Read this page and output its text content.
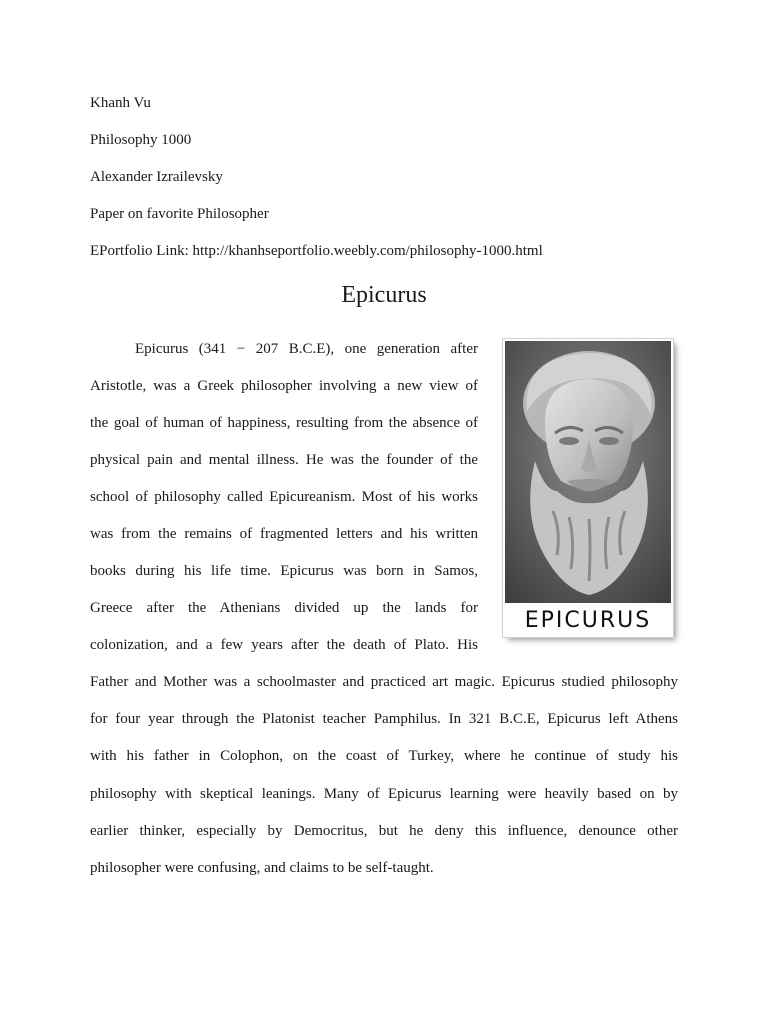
Khanh Vu
Philosophy 1000
Alexander Izrailevsky
Paper on favorite Philosopher
EPortfolio Link: http://khanhseportfolio.weebly.com/philosophy-1000.html
Epicurus
Epicurus (341 − 207 B.C.E), one generation after
Aristotle, was a Greek philosopher involving a new view of
the goal of human of happiness, resulting from the absence of
physical pain and mental illness. He was the founder of the
school of philosophy called Epicureanism. Most of his works
was from the remains of fragmented letters and his written
books during his life time. Epicurus was born in Samos,
Greece after the Athenians divided up the lands for
colonization, and a few years after the death of Plato. His
Father and Mother was a schoolmaster and practiced art magic. Epicurus studied philosophy
for four year through the Platonist teacher Pamphilus. In 321 B.C.E, Epicurus left Athens
with his father in Colophon, on the coast of Turkey, where he continue of study his
philosophy with skeptical leanings. Many of Epicurus learning were heavily based on by
earlier thinker, especially by Democritus, but he deny this influence, denounce other
philosopher were confusing, and claims to be self-taught.
EPICURUS
